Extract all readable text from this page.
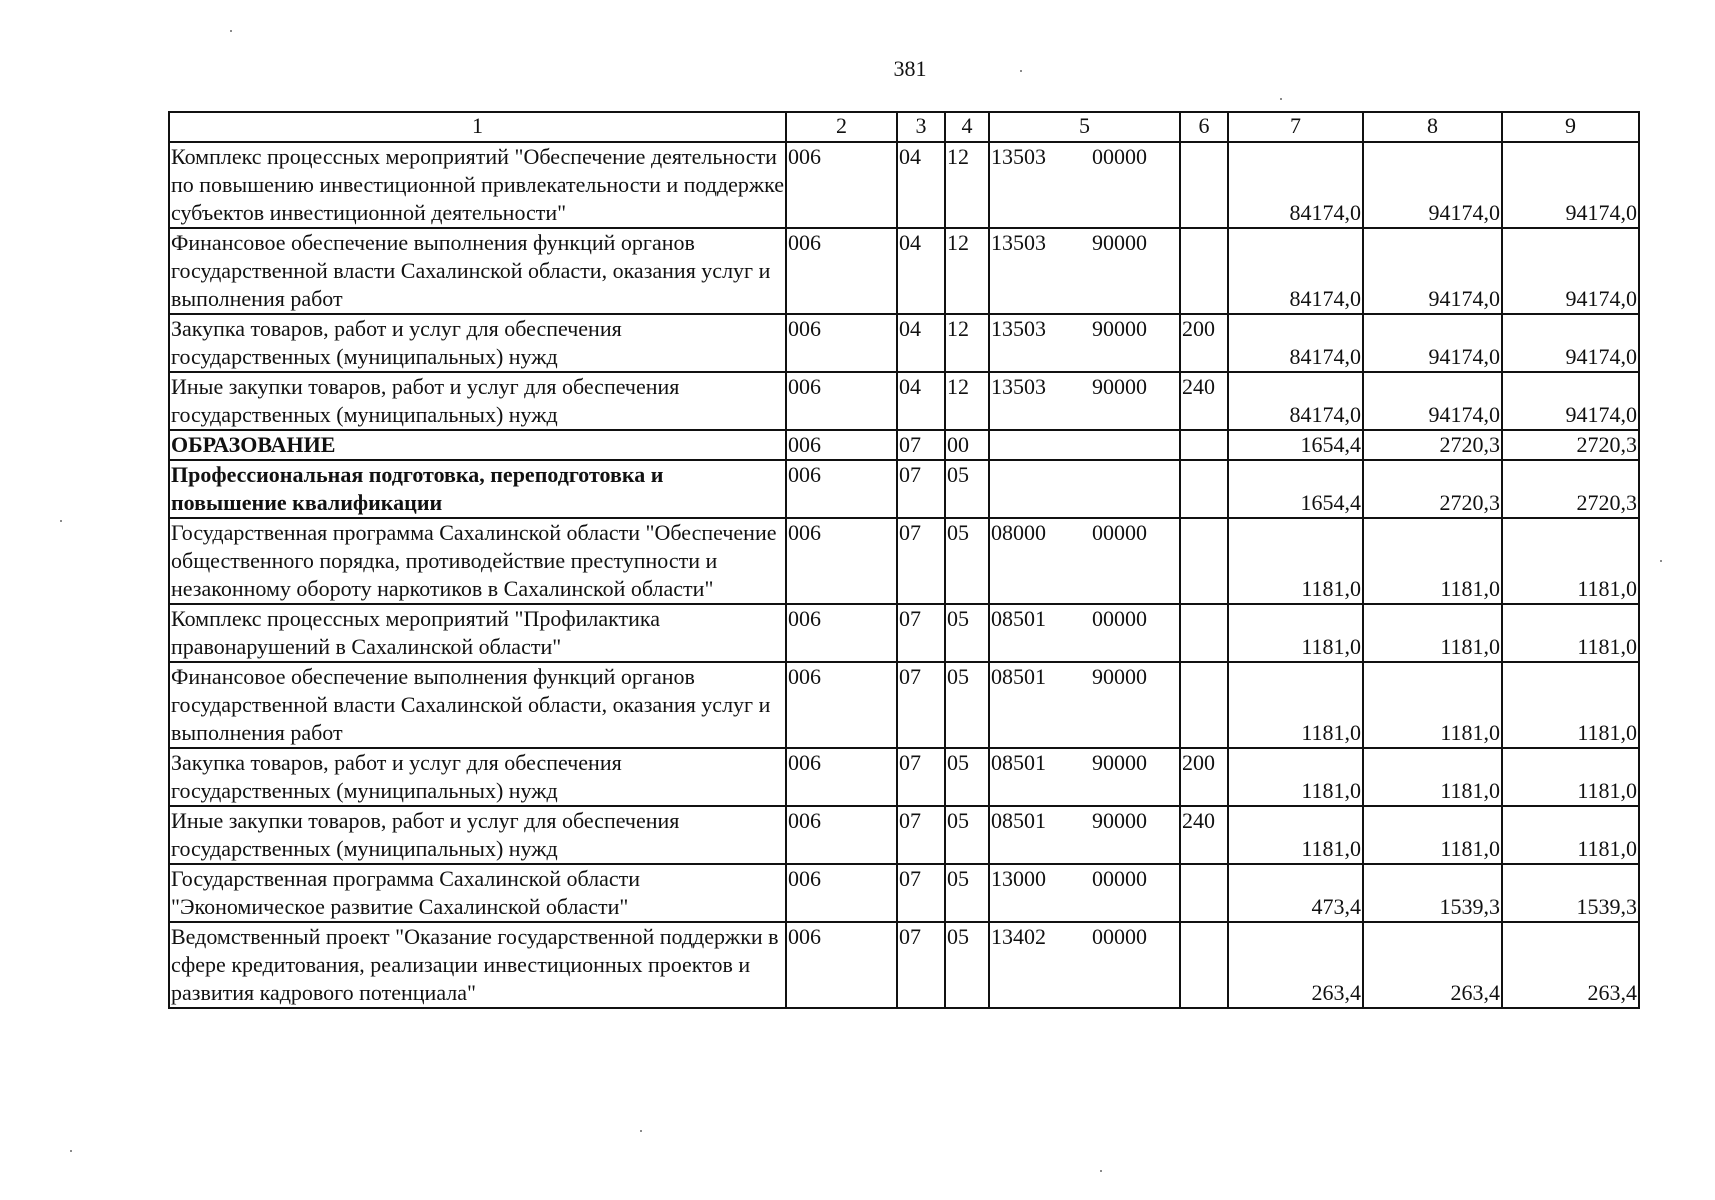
381
1	2	3	4	5	6	7	8	9
Комплекс процессных мероприятий "Обеспечение деятельности по повышению инвестиционной привлекательности и поддержке субъектов инвестиционной деятельности"	006	04	12	13503 00000		84174,0	94174,0	94174,0
Финансовое обеспечение выполнения функций органов государственной власти Сахалинской области, оказания услуг и выполнения работ	006	04	12	13503 90000		84174,0	94174,0	94174,0
Закупка товаров, работ и услуг для обеспечения государственных (муниципальных) нужд	006	04	12	13503 90000	200	84174,0	94174,0	94174,0
Иные закупки товаров, работ и услуг для обеспечения государственных (муниципальных) нужд	006	04	12	13503 90000	240	84174,0	94174,0	94174,0
ОБРАЗОВАНИЕ	006	07	00			1654,4	2720,3	2720,3
Профессиональная подготовка, переподготовка и повышение квалификации	006	07	05			1654,4	2720,3	2720,3
Государственная программа Сахалинской области "Обеспечение общественного порядка, противодействие преступности и незаконному обороту наркотиков в Сахалинской области"	006	07	05	08000 00000		1181,0	1181,0	1181,0
Комплекс процессных мероприятий "Профилактика правонарушений в Сахалинской области"	006	07	05	08501 00000		1181,0	1181,0	1181,0
Финансовое обеспечение выполнения функций органов государственной власти Сахалинской области, оказания услуг и выполнения работ	006	07	05	08501 90000		1181,0	1181,0	1181,0
Закупка товаров, работ и услуг для обеспечения государственных (муниципальных) нужд	006	07	05	08501 90000	200	1181,0	1181,0	1181,0
Иные закупки товаров, работ и услуг для обеспечения государственных (муниципальных) нужд	006	07	05	08501 90000	240	1181,0	1181,0	1181,0
Государственная программа Сахалинской области "Экономическое развитие Сахалинской области"	006	07	05	13000 00000		473,4	1539,3	1539,3
Ведомственный проект "Оказание государственной поддержки в сфере кредитования, реализации инвестиционных проектов и развития кадрового потенциала"	006	07	05	13402 00000		263,4	263,4	263,4
